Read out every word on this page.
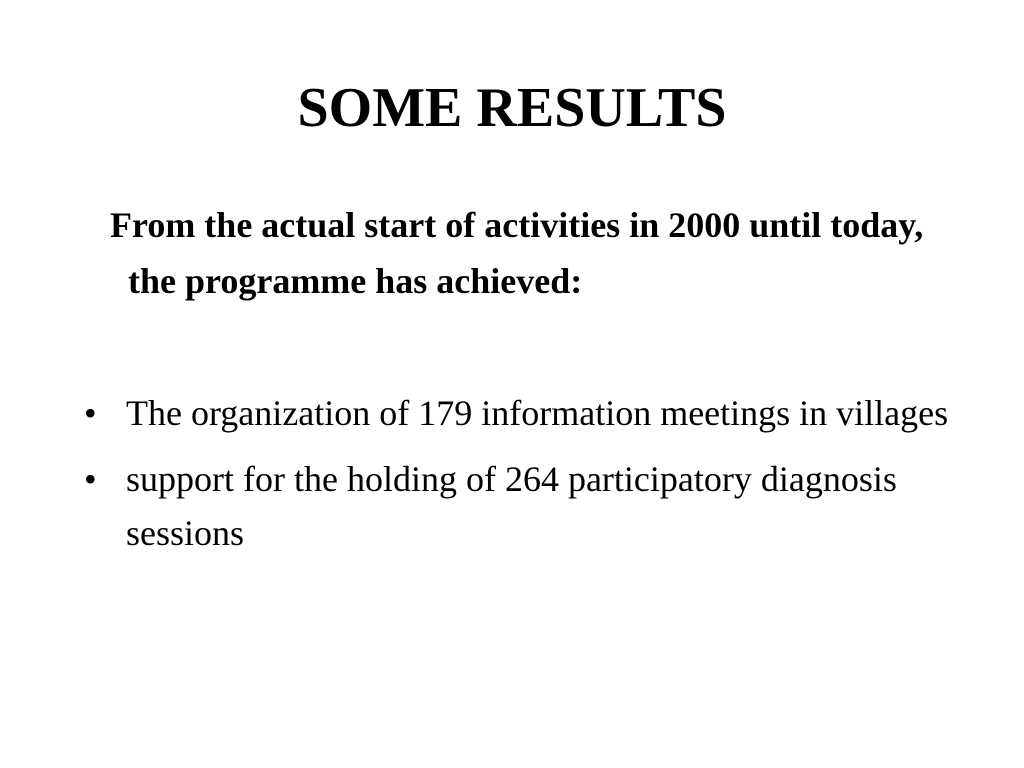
SOME RESULTS

From the actual start of activities in 2000 until today, the programme has achieved:

• The organization of 179 information meetings in villages
• support for the holding of 264 participatory diagnosis sessions
